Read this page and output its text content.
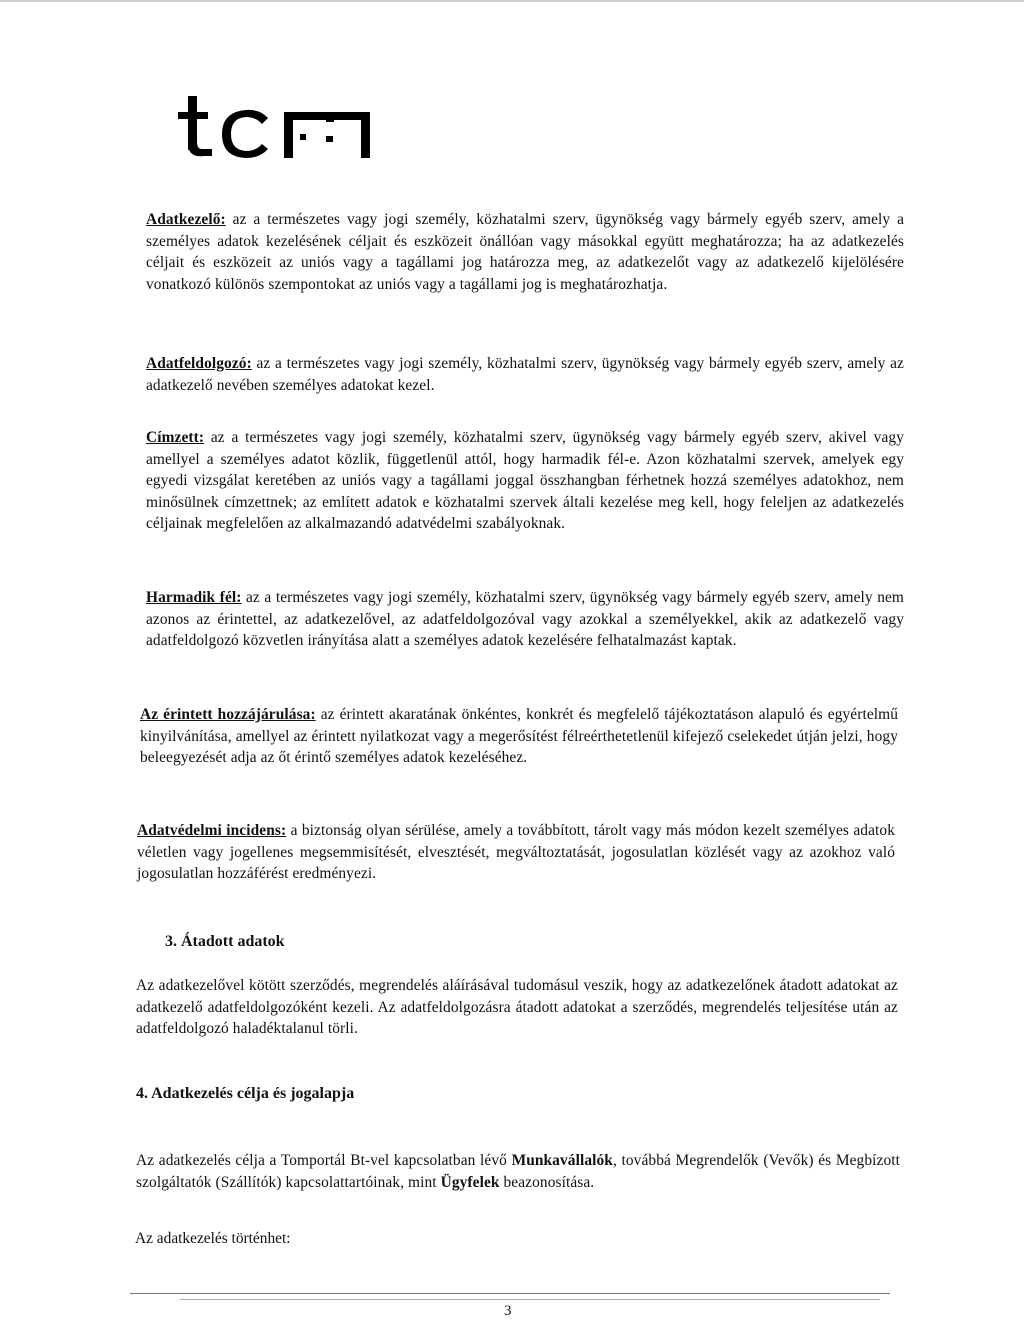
Adatkezelő: az a természetes vagy jogi személy, közhatalmi szerv, ügynökség vagy bármely egyéb szerv, amely a személyes adatok kezelésének céljait és eszközeit önállóan vagy másokkal együtt meghatározza; ha az adatkezelés céljait és eszközeit az uniós vagy a tagállami jog határozza meg, az adatkezelőt vagy az adatkezelő kijelölésére vonatkozó különös szempontokat az uniós vagy a tagállami jog is meghatározhatja.

Adatfeldolgozó: az a természetes vagy jogi személy, közhatalmi szerv, ügynökség vagy bármely egyéb szerv, amely az adatkezelő nevében személyes adatokat kezel.

Címzett: az a természetes vagy jogi személy, közhatalmi szerv, ügynökség vagy bármely egyéb szerv, akivel vagy amellyel a személyes adatot közlik, függetlenül attól, hogy harmadik fél-e. Azon közhatalmi szervek, amelyek egy egyedi vizsgálat keretében az uniós vagy a tagállami joggal összhangban férhetnek hozzá személyes adatokhoz, nem minősülnek címzettnek; az említett adatok e közhatalmi szervek általi kezelése meg kell, hogy feleljen az adatkezelés céljainak megfelelően az alkalmazandó adatvédelmi szabályoknak.

Harmadik fél: az a természetes vagy jogi személy, közhatalmi szerv, ügynökség vagy bármely egyéb szerv, amely nem azonos az érintettel, az adatkezelővel, az adatfeldolgozóval vagy azokkal a személyekkel, akik az adatkezelő vagy adatfeldolgozó közvetlen irányítása alatt a személyes adatok kezelésére felhatalmazást kaptak.

Az érintett hozzájárulása: az érintett akaratának önkéntes, konkrét és megfelelő tájékoztatáson alapuló és egyértelmű kinyilvánítása, amellyel az érintett nyilatkozat vagy a megerősítést félreérthetetlenül kifejező cselekedet útján jelzi, hogy beleegyezését adja az őt érintő személyes adatok kezeléséhez.

Adatvédelmi incidens: a biztonság olyan sérülése, amely a továbbított, tárolt vagy más módon kezelt személyes adatok véletlen vagy jogellenes megsemmisítését, elvesztését, megváltoztatását, jogosulatlan közlését vagy az azokhoz való jogosulatlan hozzáférést eredményezi.

3. Átadott adatok

Az adatkezelővel kötött szerződés, megrendelés aláírásával tudomásul veszik, hogy az adatkezelőnek átadott adatokat az adatkezelő adatfeldolgozóként kezeli. Az adatfeldolgozásra átadott adatokat a szerződés, megrendelés teljesítése után az adatfeldolgozó haladéktalanul törli.

4. Adatkezelés célja és jogalapja

Az adatkezelés célja a Tomportál Bt-vel kapcsolatban lévő Munkavállalók, továbbá Megrendelők (Vevők) és Megbízott szolgáltatók (Szállítók) kapcsolattartóinak, mint Ügyfelek beazonosítása.

Az adatkezelés történhet:

3
